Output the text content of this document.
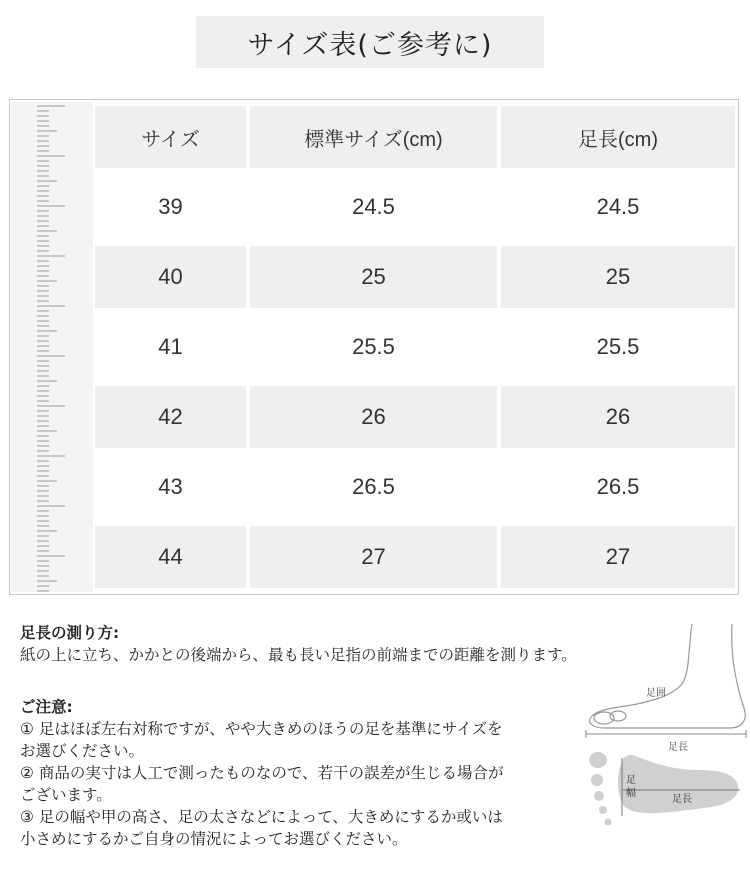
サイズ表(ご参考に)
サイズ	標準サイズ(cm)	足長(cm)
39	24.5	24.5
40	25	25
41	25.5	25.5
42	26	26
43	26.5	26.5
44	27	27
足長の測り方:
紙の上に立ち、かかとの後端から、最も長い足指の前端までの距離を測ります。
ご注意:
① 足はほぼ左右対称ですが、やや大きめのほうの足を基準にサイズを
お選びください。
② 商品の実寸は人工で測ったものなので、若干の誤差が生じる場合が
ございます。
③ 足の幅や甲の高さ、足の太さなどによって、大きめにするか或いは
小さめにするかご自身の情況によってお選びください。
足囲
足長
足
幅
足長
